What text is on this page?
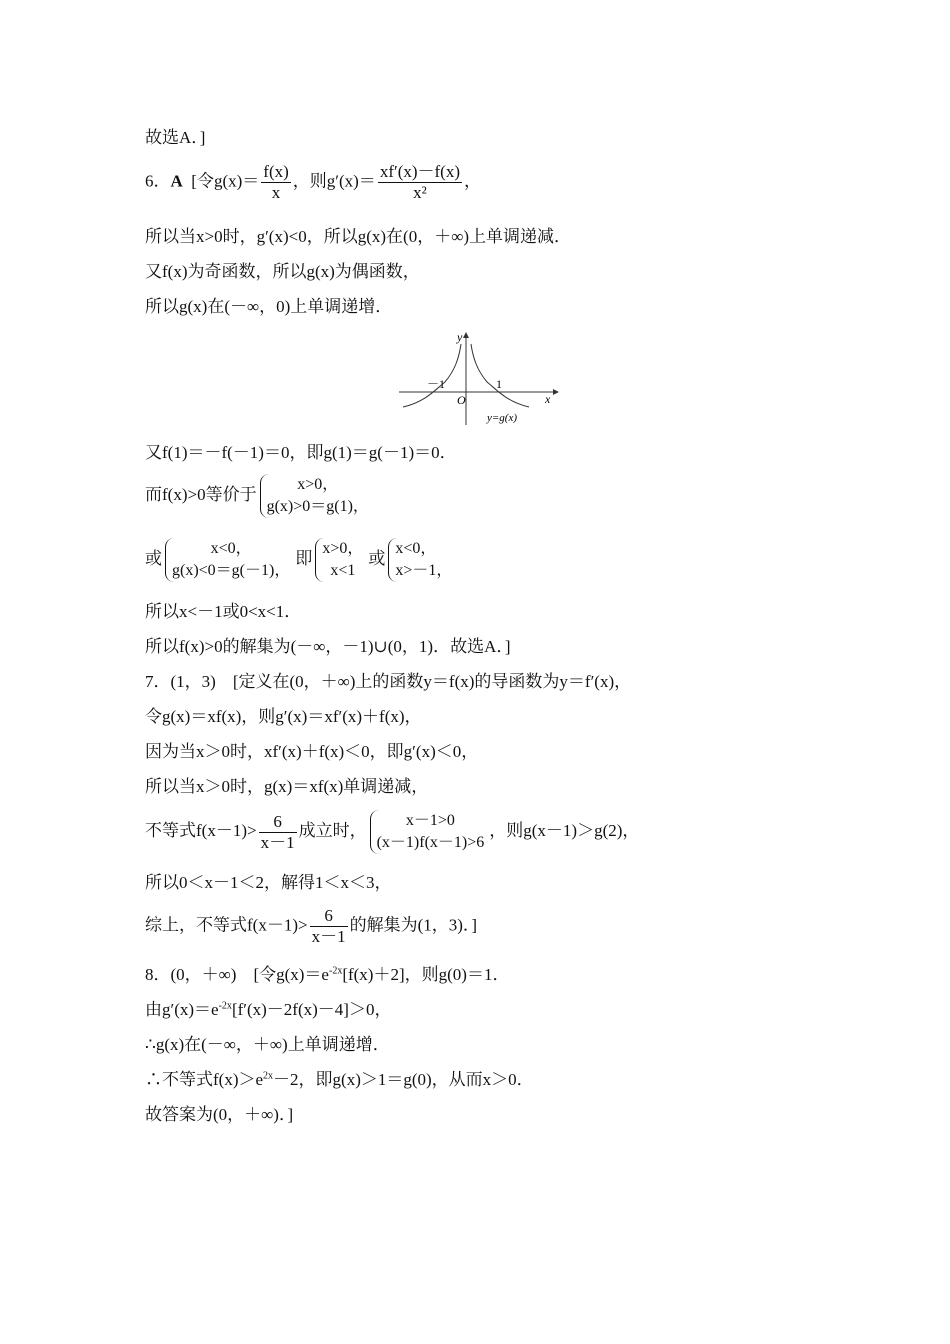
故选A．]
6．A [令$g(x)= \frac{f(x)}{x}$ ，则$g'(x)= \frac{xf'(x)-f(x)}{\text{x²}}$ ，
所以当x>0时，g′(x)<0，所以g(x)在(0，＋∞)上单调递减．
又f(x)为奇函数，所以g(x)为偶函数，
所以g(x)在(－∞，0)上单调递增．
y
x
O
－1	1
y=g(x)
又f(1)＝－f(－1)＝0，即g(1)＝g(－1)＝0．
而f(x)>0等价于
x>0，
g(x)>0＝g(1)，
或
x<0，
g(x)<0＝g(－1)，
即
x>0，
x<1
或
x<0，
x>－1，
所以x<－1或0<x<1．
所以f(x)>0的解集为(－∞，－1)∪(0，1)．故选A．]
7．(1，3)　[定义在(0，＋∞)上的函数y＝f(x)的导函数为y＝f′(x)，
令g(x)＝xf(x)，则g′(x)＝xf′(x)＋f(x)，
因为当x＞0时，xf′(x)＋f(x)＜0，即g′(x)＜0，
所以当x＞0时，g(x)＝xf(x)单调递减，
不等式$f(x-1)> \frac{6}{x-1}$ 成立时，
x－1>0
(x－1)f(x－1)>6
，则g(x－1)＞g(2)，
所以0＜x－1＜2，解得1＜x＜3，
综上，不等式$f(x-1)> \frac{6}{x-1}$ 的解集为(1，3)．]
8．(0，＋∞)　[令$g(x)=e^{-2x}[f(x)+2]$，则g(0)＝1．
由$g'(x)=e^{-2x}[f'(x)-2f(x)-4]>0$，
∴g(x)在(－∞，＋∞)上单调递增．
∴不等式$f(x)>e^{2x}-2$，即g(x)＞1＝g(0)，从而x＞0．
故答案为(0，＋∞)．]
